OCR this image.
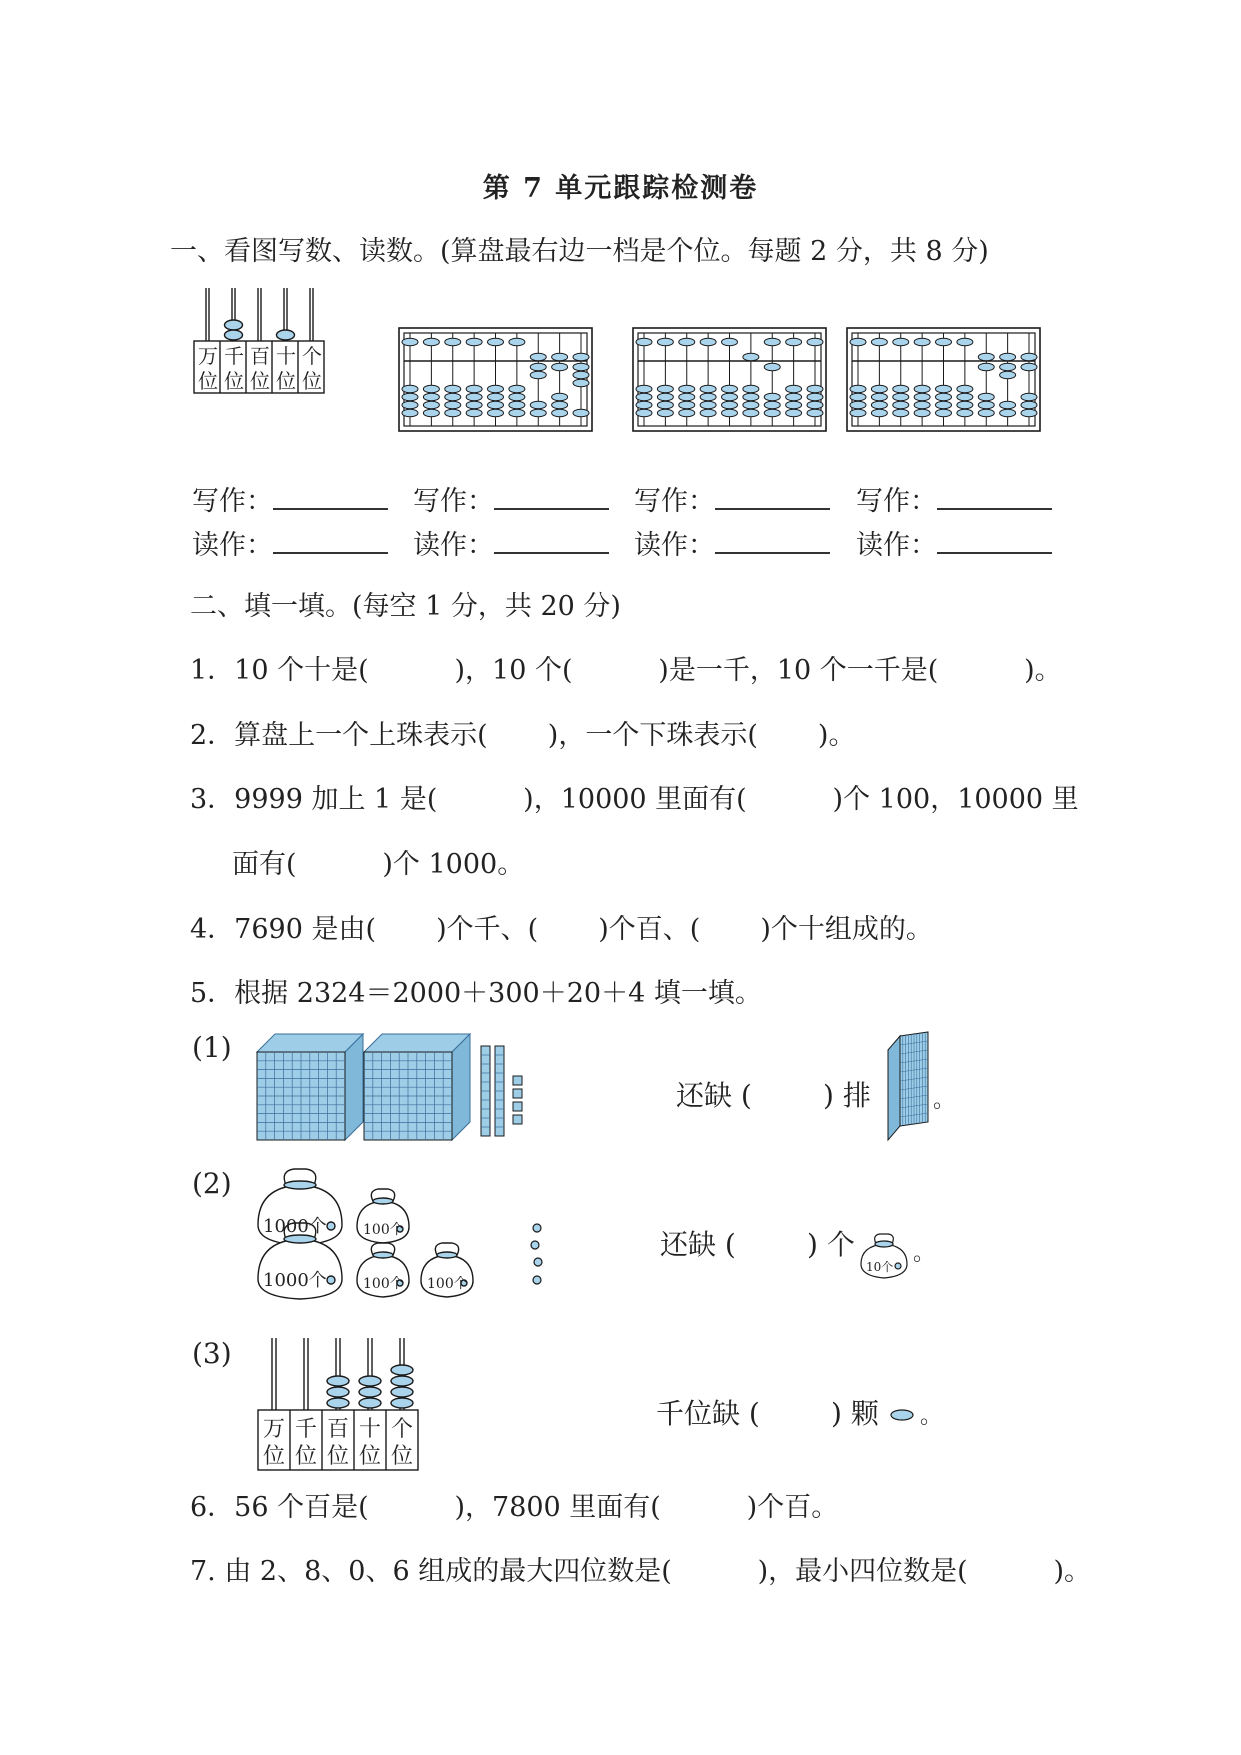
第 7 单元跟踪检测卷
一、看图写数、读数。(算盘最右边一档是个位。每题 2 分，共 8 分)
万
位
千
位
百
位
十
位
个
位
写作：	写作：	写作：	写作：
读作：	读作：	读作：	读作：
二、填一填。(每空 1 分，共 20 分)
1．10 个十是(          )，10 个(          )是一千，10 个一千是(          )。
2．算盘上一个上珠表示(       )，一个下珠表示(       )。
3．9999 加上 1 是(          )，10000 里面有(          )个 100，10000 里
面有(          )个 1000。
4．7690 是由(       )个千、(       )个百、(       )个十组成的。
5．根据 2324＝2000＋300＋20＋4 填一填。
(1)
还缺 (        ) 排	。
(2)
1000个
1000个
100个
100个 100个
还缺 (        ) 个
10个
。
(3)
万
位
千
位
百
位
十
位
个
位
千位缺 (        ) 颗 。
6．56 个百是(          )，7800 里面有(          )个百。
7. 由 2、8、0、6 组成的最大四位数是(          )，最小四位数是(          )。
